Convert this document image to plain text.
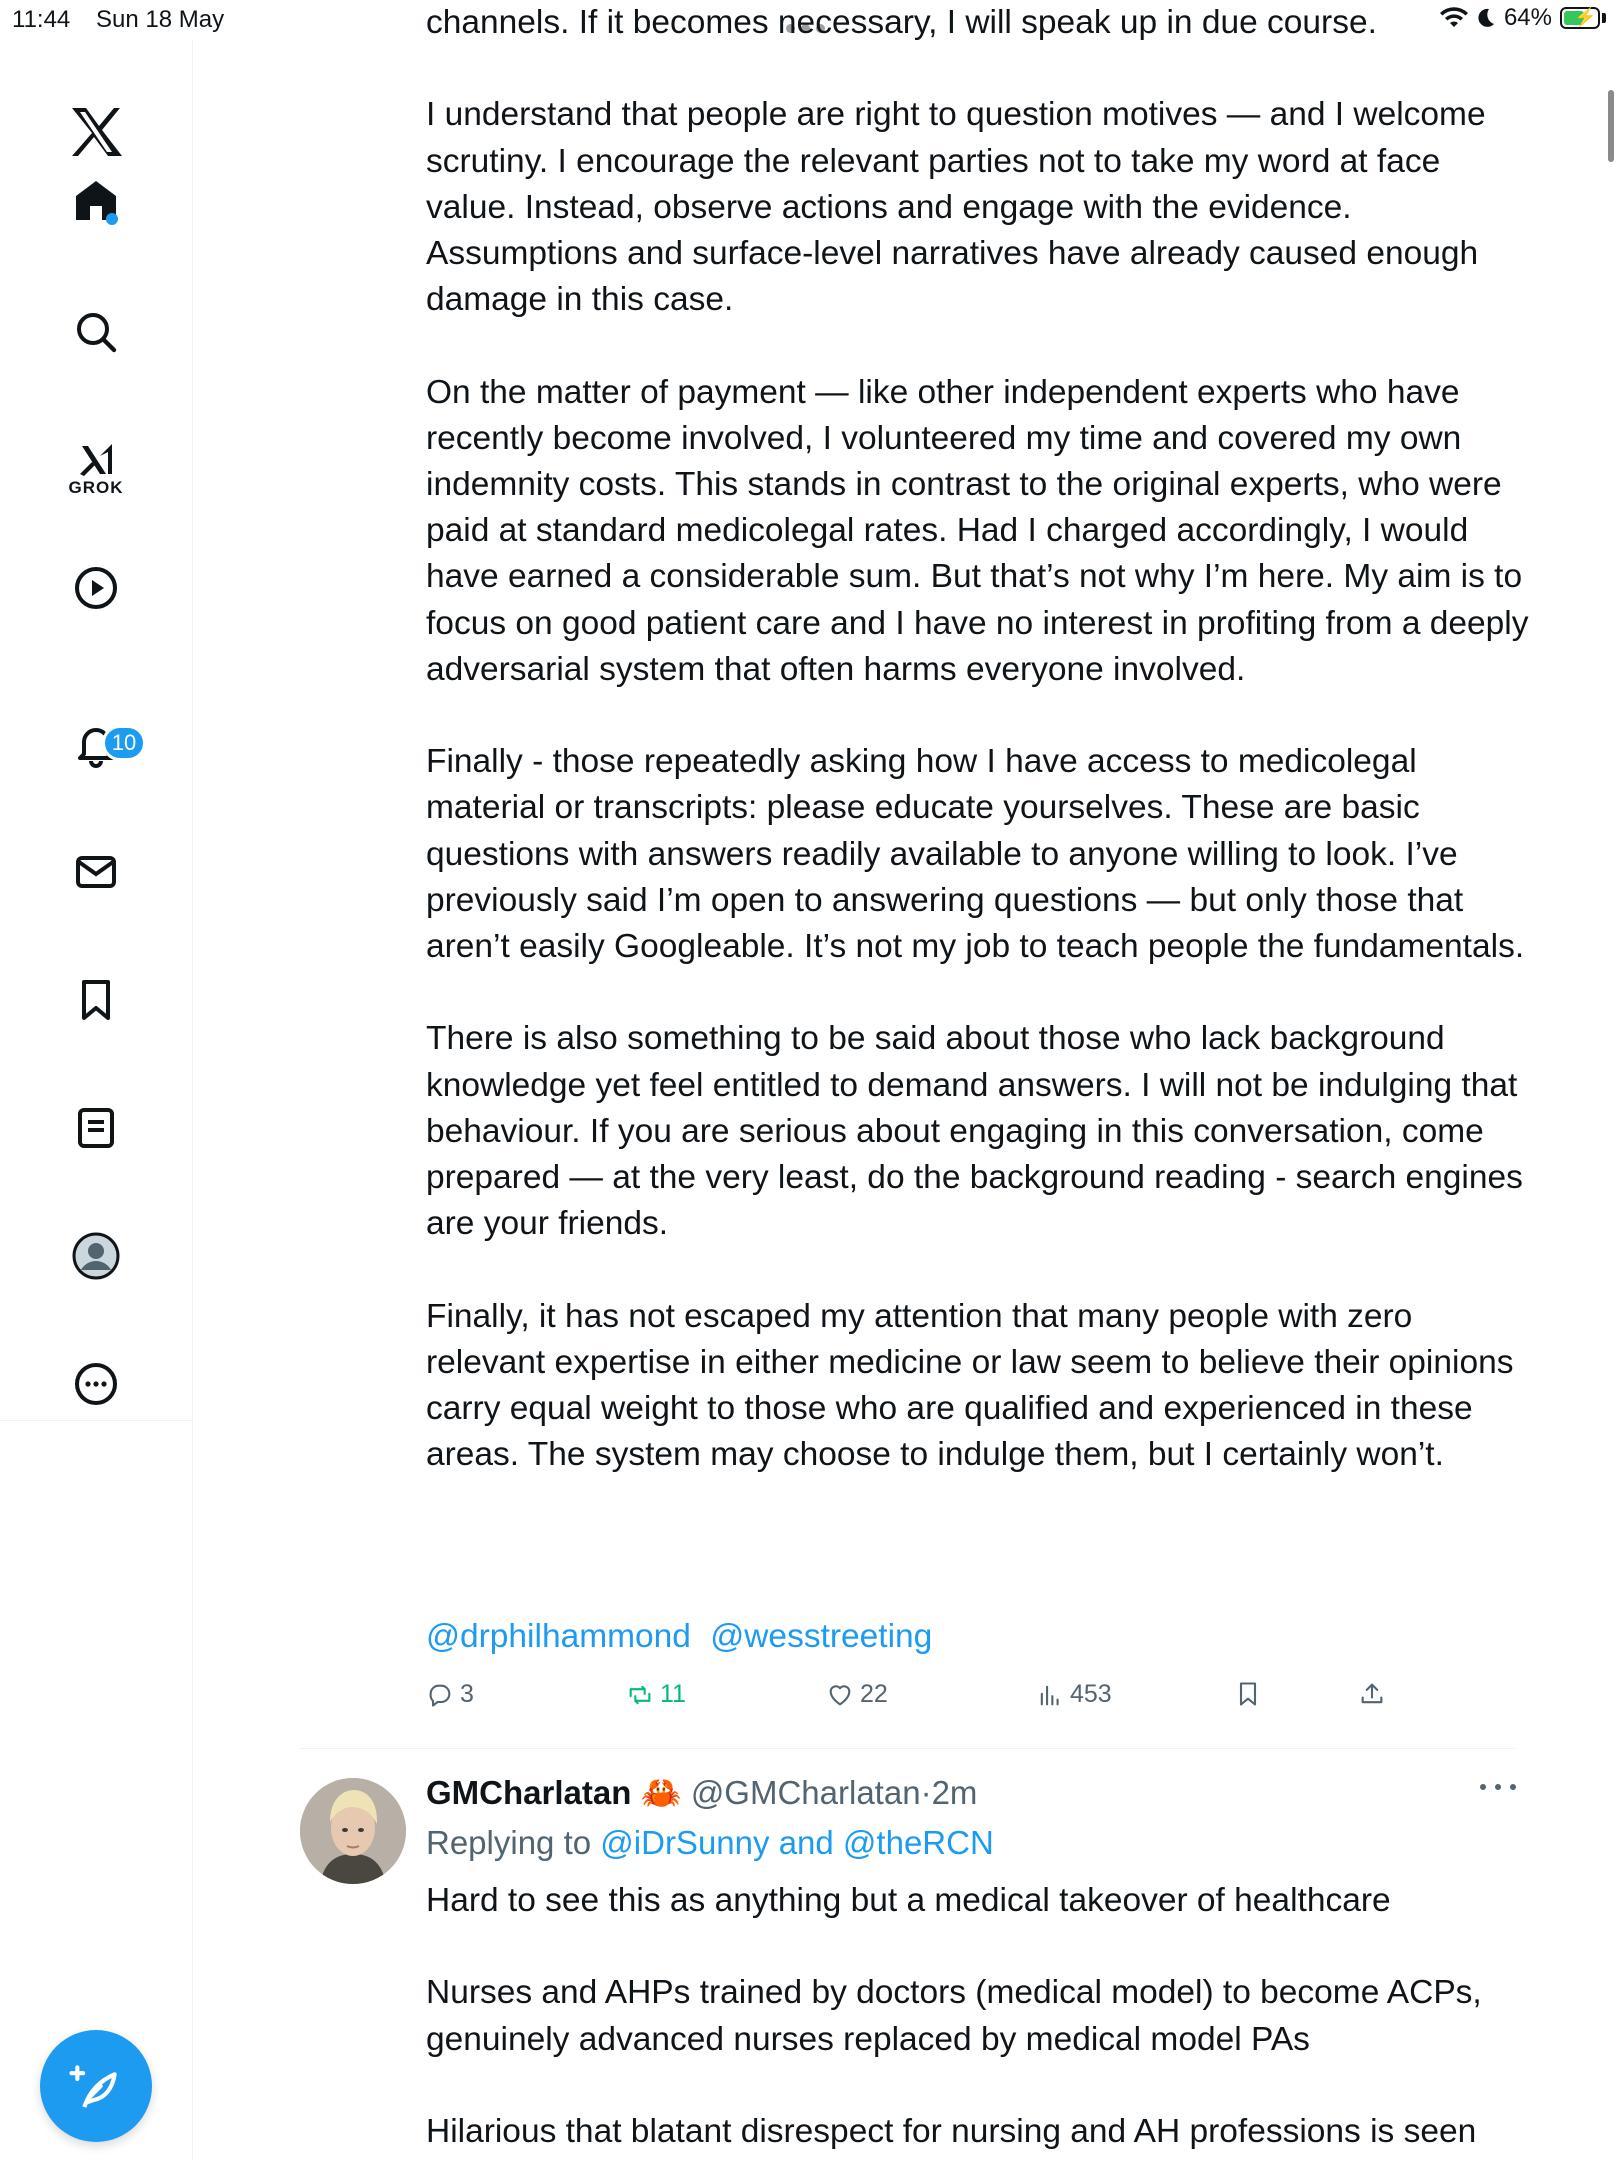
11:44 Sun 18 May	64% ⚡
GROK
10

channels. If it becomes necessary, I will speak up in due course.

I understand that people are right to question motives — and I welcome scrutiny. I encourage the relevant parties not to take my word at face value. Instead, observe actions and engage with the evidence. Assumptions and surface-level narratives have already caused enough damage in this case.

On the matter of payment — like other independent experts who have recently become involved, I volunteered my time and covered my own indemnity costs. This stands in contrast to the original experts, who were paid at standard medicolegal rates. Had I charged accordingly, I would have earned a considerable sum. But that’s not why I’m here. My aim is to focus on good patient care and I have no interest in profiting from a deeply adversarial system that often harms everyone involved.

Finally - those repeatedly asking how I have access to medicolegal material or transcripts: please educate yourselves. These are basic questions with answers readily available to anyone willing to look. I’ve previously said I’m open to answering questions — but only those that aren’t easily Googleable. It’s not my job to teach people the fundamentals.

There is also something to be said about those who lack background knowledge yet feel entitled to demand answers. I will not be indulging that behaviour. If you are serious about engaging in this conversation, come prepared — at the very least, do the background reading - search engines are your friends.

Finally, it has not escaped my attention that many people with zero relevant expertise in either medicine or law seem to believe their opinions carry equal weight to those who are qualified and experienced in these areas. The system may choose to indulge them, but I certainly won’t.

@drphilhammond @wesstreeting
3	11	22	453
GMCharlatan 🦀 @GMCharlatan·2m
Replying to @iDrSunny and @theRCN

Hard to see this as anything but a medical takeover of healthcare

Nurses and AHPs trained by doctors (medical model) to become ACPs, genuinely advanced nurses replaced by medical model PAs

Hilarious that blatant disrespect for nursing and AH professions is seen
